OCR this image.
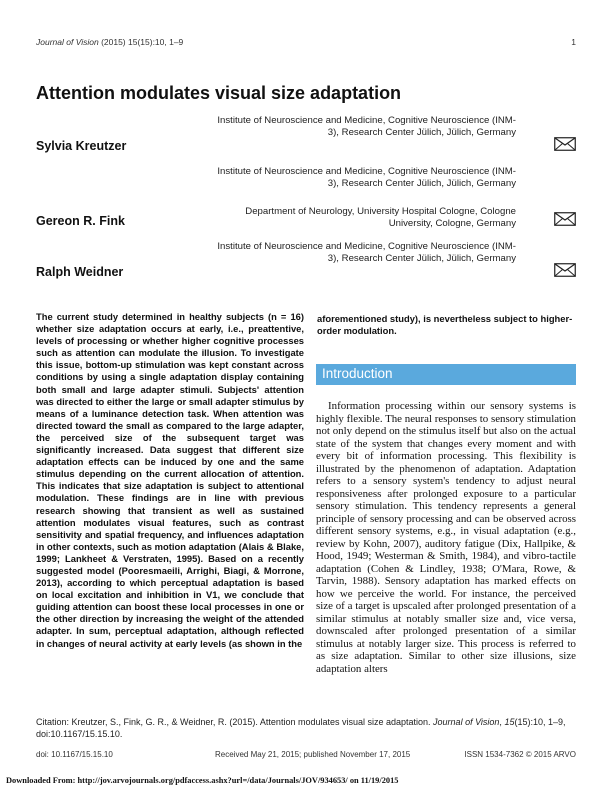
Journal of Vision (2015) 15(15):10, 1–9	1
Attention modulates visual size adaptation
Sylvia Kreutzer
Institute of Neuroscience and Medicine, Cognitive Neuroscience (INM-3), Research Center Jülich, Jülich, Germany
Gereon R. Fink
Institute of Neuroscience and Medicine, Cognitive Neuroscience (INM-3), Research Center Jülich, Jülich, Germany
Department of Neurology, University Hospital Cologne, Cologne University, Cologne, Germany
Ralph Weidner
Institute of Neuroscience and Medicine, Cognitive Neuroscience (INM-3), Research Center Jülich, Jülich, Germany
The current study determined in healthy subjects (n = 16) whether size adaptation occurs at early, i.e., preattentive, levels of processing or whether higher cognitive processes such as attention can modulate the illusion. To investigate this issue, bottom-up stimulation was kept constant across conditions by using a single adaptation display containing both small and large adapter stimuli. Subjects' attention was directed to either the large or small adapter stimulus by means of a luminance detection task. When attention was directed toward the small as compared to the large adapter, the perceived size of the subsequent target was significantly increased. Data suggest that different size adaptation effects can be induced by one and the same stimulus depending on the current allocation of attention. This indicates that size adaptation is subject to attentional modulation. These findings are in line with previous research showing that transient as well as sustained attention modulates visual features, such as contrast sensitivity and spatial frequency, and influences adaptation in other contexts, such as motion adaptation (Alais & Blake, 1999; Lankheet & Verstraten, 1995). Based on a recently suggested model (Pooresmaeili, Arrighi, Biagi, & Morrone, 2013), according to which perceptual adaptation is based on local excitation and inhibition in V1, we conclude that guiding attention can boost these local processes in one or the other direction by increasing the weight of the attended adapter. In sum, perceptual adaptation, although reflected in changes of neural activity at early levels (as shown in the
aforementioned study), is nevertheless subject to higher-order modulation.
Introduction

Information processing within our sensory systems is highly flexible. The neural responses to sensory stimulation not only depend on the stimulus itself but also on the actual state of the system that changes every moment and with every bit of information processing. This flexibility is illustrated by the phenomenon of adaptation. Adaptation refers to a sensory system's tendency to adjust neural responsiveness after prolonged exposure to a particular sensory stimulation. This tendency represents a general principle of sensory processing and can be observed across different sensory systems, e.g., in visual adaptation (e.g., review by Kohn, 2007), auditory fatigue (Dix, Hallpike, & Hood, 1949; Westerman & Smith, 1984), and vibro-tactile adaptation (Cohen & Lindley, 1938; O'Mara, Rowe, & Tarvin, 1988). Sensory adaptation has marked effects on how we perceive the world. For instance, the perceived size of a target is upscaled after prolonged presentation of a similar stimulus at notably smaller size and, vice versa, downscaled after prolonged presentation of a similar stimulus at notably larger size. This process is referred to as size adaptation. Similar to other size illusions, size adaptation alters

Citation: Kreutzer, S., Fink, G. R., & Weidner, R. (2015). Attention modulates visual size adaptation. Journal of Vision, 15(15):10, 1–9, doi:10.1167/15.15.10.
doi: 10.1167/15.15.10	Received May 21, 2015; published November 17, 2015	ISSN 1534-7362 © 2015 ARVO
Downloaded From: http://jov.arvojournals.org/pdfaccess.ashx?url=/data/Journals/JOV/934653/ on 11/19/2015
